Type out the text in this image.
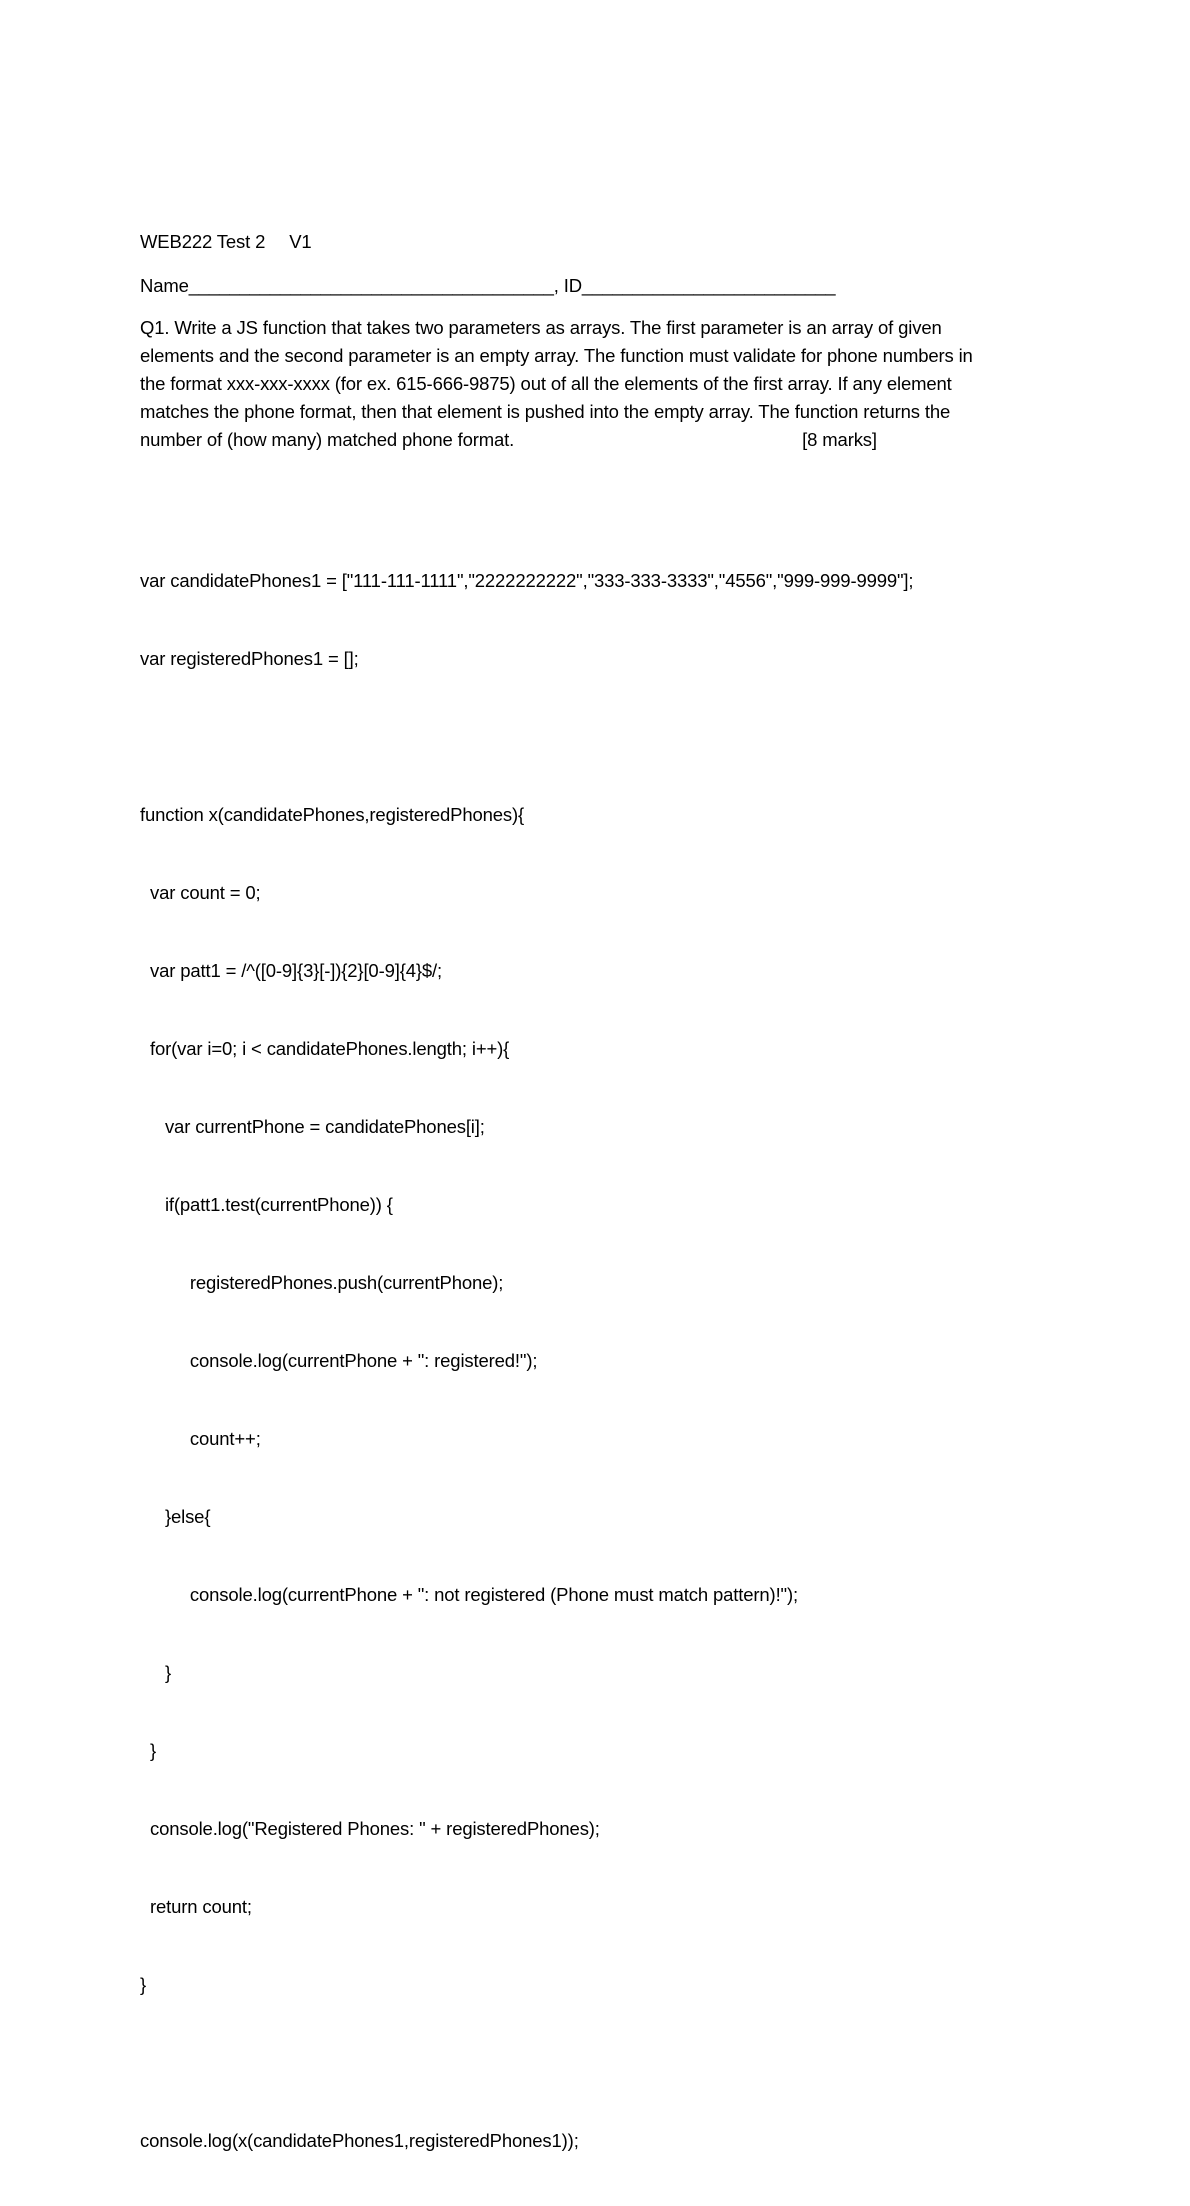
WEB222 Test 2 V1
Name____________________________________, ID_________________________

Q1. Write a JS function that takes two parameters as arrays. The first parameter is an array of given

elements and the second parameter is an empty array. The function must validate for phone numbers in

the format xxx-xxx-xxxx (for ex. 615-666-9875) out of all the elements of the first array. If any element

matches the phone format, then that element is pushed into the empty array. The function returns the

number of (how many) matched phone format.	[8 marks]

var candidatePhones1 = ["111-111-1111","2222222222","333-333-3333","4556","999-999-9999"];

var registeredPhones1 = [];

function x(candidatePhones,registeredPhones){

var count = 0;

var patt1 = /^([0-9]{3}[-]){2}[0-9]{4}$/;

for(var i=0; i < candidatePhones.length; i++){

var currentPhone = candidatePhones[i];

if(patt1.test(currentPhone)) {

registeredPhones.push(currentPhone);

console.log(currentPhone + ": registered!");

count++;

}else{

console.log(currentPhone + ": not registered (Phone must match pattern)!");

}

}

console.log("Registered Phones: " + registeredPhones);

return count;

}

console.log(x(candidatePhones1,registeredPhones1));
